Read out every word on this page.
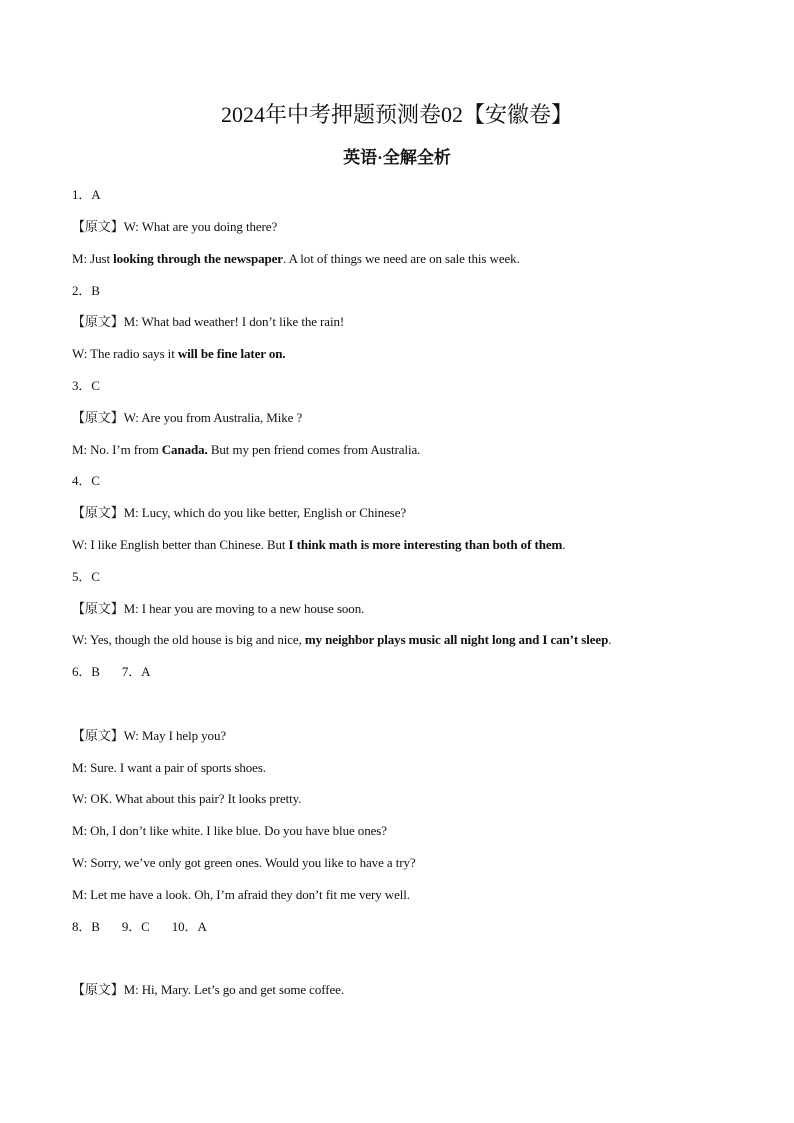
2024年中考押题预测卷02【安徽卷】
英语·全解全析
1．A
【原文】W: What are you doing there?
M: Just looking through the newspaper. A lot of things we need are on sale this week.
2．B
【原文】M: What bad weather! I don’t like the rain!
W: The radio says it will be fine later on.
3．C
【原文】W: Are you from Australia, Mike ?
M: No. I’m from Canada. But my pen friend comes from Australia.
4．C
【原文】M: Lucy, which do you like better, English or Chinese?
W: I like English better than Chinese. But I think math is more interesting than both of them.
5．C
【原文】M: I hear you are moving to a new house soon.
W: Yes, though the old house is big and nice, my neighbor plays music all night long and I can’t sleep.
6．B 7．A
【原文】W: May I help you?
M: Sure. I want a pair of sports shoes.
W: OK. What about this pair? It looks pretty.
M: Oh, I don’t like white. I like blue. Do you have blue ones?
W: Sorry, we’ve only got green ones. Would you like to have a try?
M: Let me have a look. Oh, I’m afraid they don’t fit me very well.
8．B 9．C 10．A
【原文】M: Hi, Mary. Let’s go and get some coffee.
